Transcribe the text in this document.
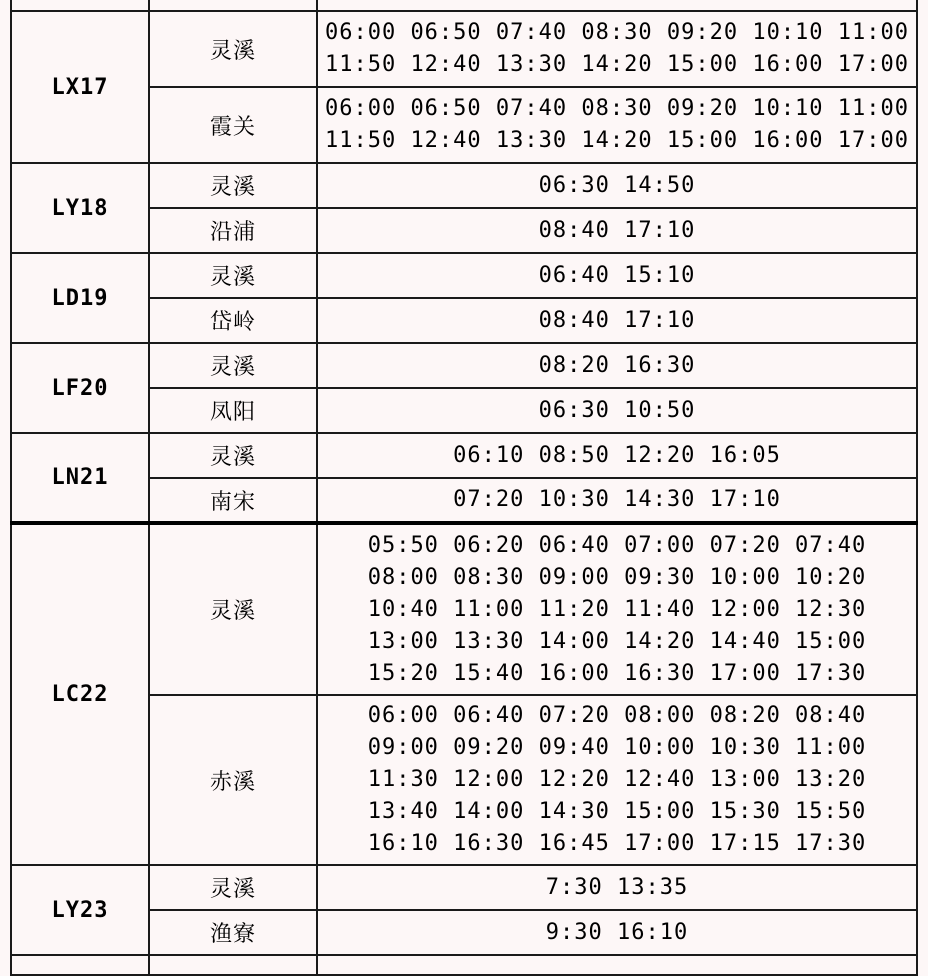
LX17	灵溪	06:00 06:50 07:40 08:30 09:20 10:10 11:00
11:50 12:40 13:30 14:20 15:00 16:00 17:00

	霞关	06:00 06:50 07:40 08:30 09:20 10:10 11:00
11:50 12:40 13:30 14:20 15:00 16:00 17:00

LY18	灵溪	06:30 14:50

	沿浦	08:40 17:10

LD19	灵溪	06:40 15:10

	岱岭	08:40 17:10

LF20	灵溪	08:20 16:30

	凤阳	06:30 10:50

LN21	灵溪	06:10 08:50 12:20 16:05

	南宋	07:20 10:30 14:30 17:10

LC22	灵溪	05:50 06:20 06:40 07:00 07:20 07:40
08:00 08:30 09:00 09:30 10:00 10:20
10:40 11:00 11:20 11:40 12:00 12:30
13:00 13:30 14:00 14:20 14:40 15:00
15:20 15:40 16:00 16:30 17:00 17:30

	赤溪	06:00 06:40 07:20 08:00 08:20 08:40
09:00 09:20 09:40 10:00 10:30 11:00
11:30 12:00 12:20 12:40 13:00 13:20
13:40 14:00 14:30 15:00 15:30 15:50
16:10 16:30 16:45 17:00 17:15 17:30

LY23	灵溪	7:30 13:35

	渔寮	9:30 16:10
